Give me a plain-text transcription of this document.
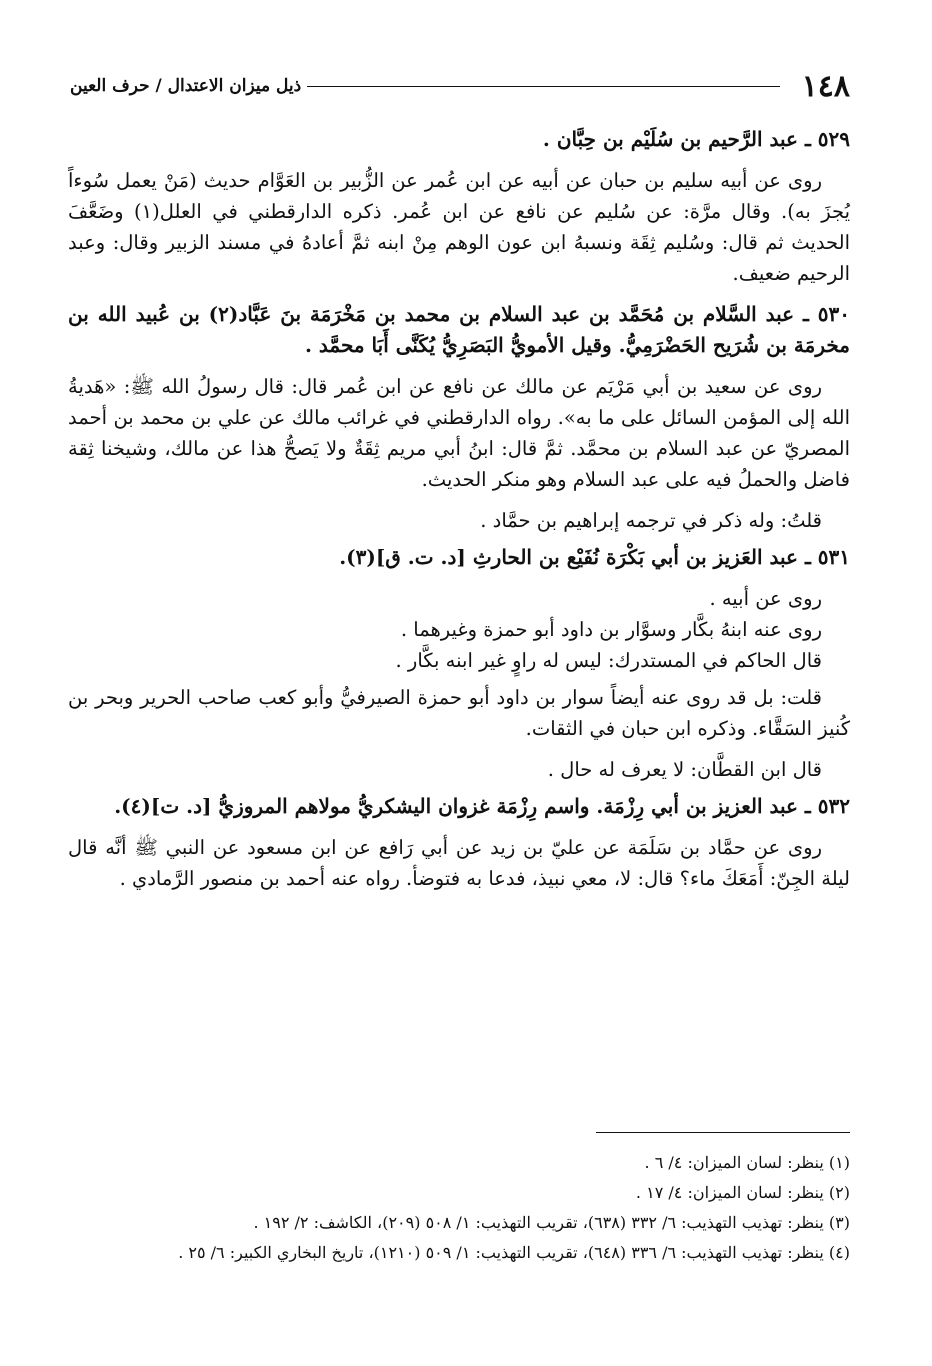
١٤٨
ذيل ميزان الاعتدال / حرف العين

٥٢٩ ـ عبد الرَّحيم بن سُلَيْم بن حِبَّان .

روى عن أبيه سليم بن حبان عن أبيه عن ابن عُمر عن الزُّبير بن العَوَّام حديث (مَنْ يعمل سُوءاً يُجزَ به). وقال مرَّة: عن سُليم عن نافع عن ابن عُمر. ذكره الدارقطني في العلل(١) وضَعَّفَ الحديث ثم قال: وسُليم ثِقَة ونسبهُ ابن عون الوهم مِنْ ابنه ثمَّ أعادهُ في مسند الزبير وقال: وعبد الرحيم ضعيف.

٥٣٠ ـ عبد السَّلام بن مُحَمَّد بن عبد السلام بن محمد بن مَخْرَمَة بنَ عَبَّاد(٢) بن عُبيد الله بن مخرمَة بن شُرَيح الحَضْرَمِيُّ. وقيل الأمويُّ البَصَرِيُّ يُكَنَّى أَبَا محمَّد .

روى عن سعيد بن أبي مَرْيَم عن مالك عن نافع عن ابن عُمر قال: قال رسولُ الله ﷺ: «هَديةُ الله إلى المؤمن السائل على ما به». رواه الدارقطني في غرائب مالك عن علي بن محمد بن أحمد المصريّ عن عبد السلام بن محمَّد. ثمَّ قال: ابنُ أبي مريم ثِقَةٌ ولا يَصحُّ هذا عن مالك، وشيخنا ثِقة فاضل والحملُ فيه على عبد السلام وهو منكر الحديث.

قلتُ: وله ذكر في ترجمه إبراهيم بن حمَّاد .

٥٣١ ـ عبد العَزيز بن أبي بَكْرَة نُفَيْع بن الحارثِ [د. ت. ق](٣).

روى عن أبيه .

روى عنه ابنهُ بكَّار وسوَّار بن داود أبو حمزة وغيرهما .

قال الحاكم في المستدرك: ليس له راوٍ غير ابنه بكَّار .

قلت: بل قد روى عنه أيضاً سوار بن داود أبو حمزة الصيرفيُّ وأبو كعب صاحب الحرير وبحر بن كُنيز السَقَّاء. وذكره ابن حبان في الثقات.

قال ابن القطَّان: لا يعرف له حال .

٥٣٢ ـ عبد العزيز بن أبي رِزْمَة. واسم رِزْمَة غزوان اليشكريُّ مولاهم المروزيُّ [د. ت](٤).

روى عن حمَّاد بن سَلَمَة عن عليّ بن زيد عن أبي رَافع عن ابن مسعود عن النبي ﷺ أنَّه قال ليلة الجِنّ: أَمَعَكَ ماء؟ قال: لا، معي نبيذ، فدعا به فتوضأ. رواه عنه أحمد بن منصور الرَّمادي .

(١) ينظر: لسان الميزان: ٤/ ٦ .

(٢) ينظر: لسان الميزان: ٤/ ١٧ .

(٣) ينظر: تهذيب التهذيب: ٦/ ٣٣٢ (٦٣٨)، تقريب التهذيب: ١/ ٥٠٨ (٢٠٩)، الكاشف: ٢/ ١٩٢ .

(٤) ينظر: تهذيب التهذيب: ٦/ ٣٣٦ (٦٤٨)، تقريب التهذيب: ١/ ٥٠٩ (١٢١٠)، تاريخ البخاري الكبير: ٦/ ٢٥ .
